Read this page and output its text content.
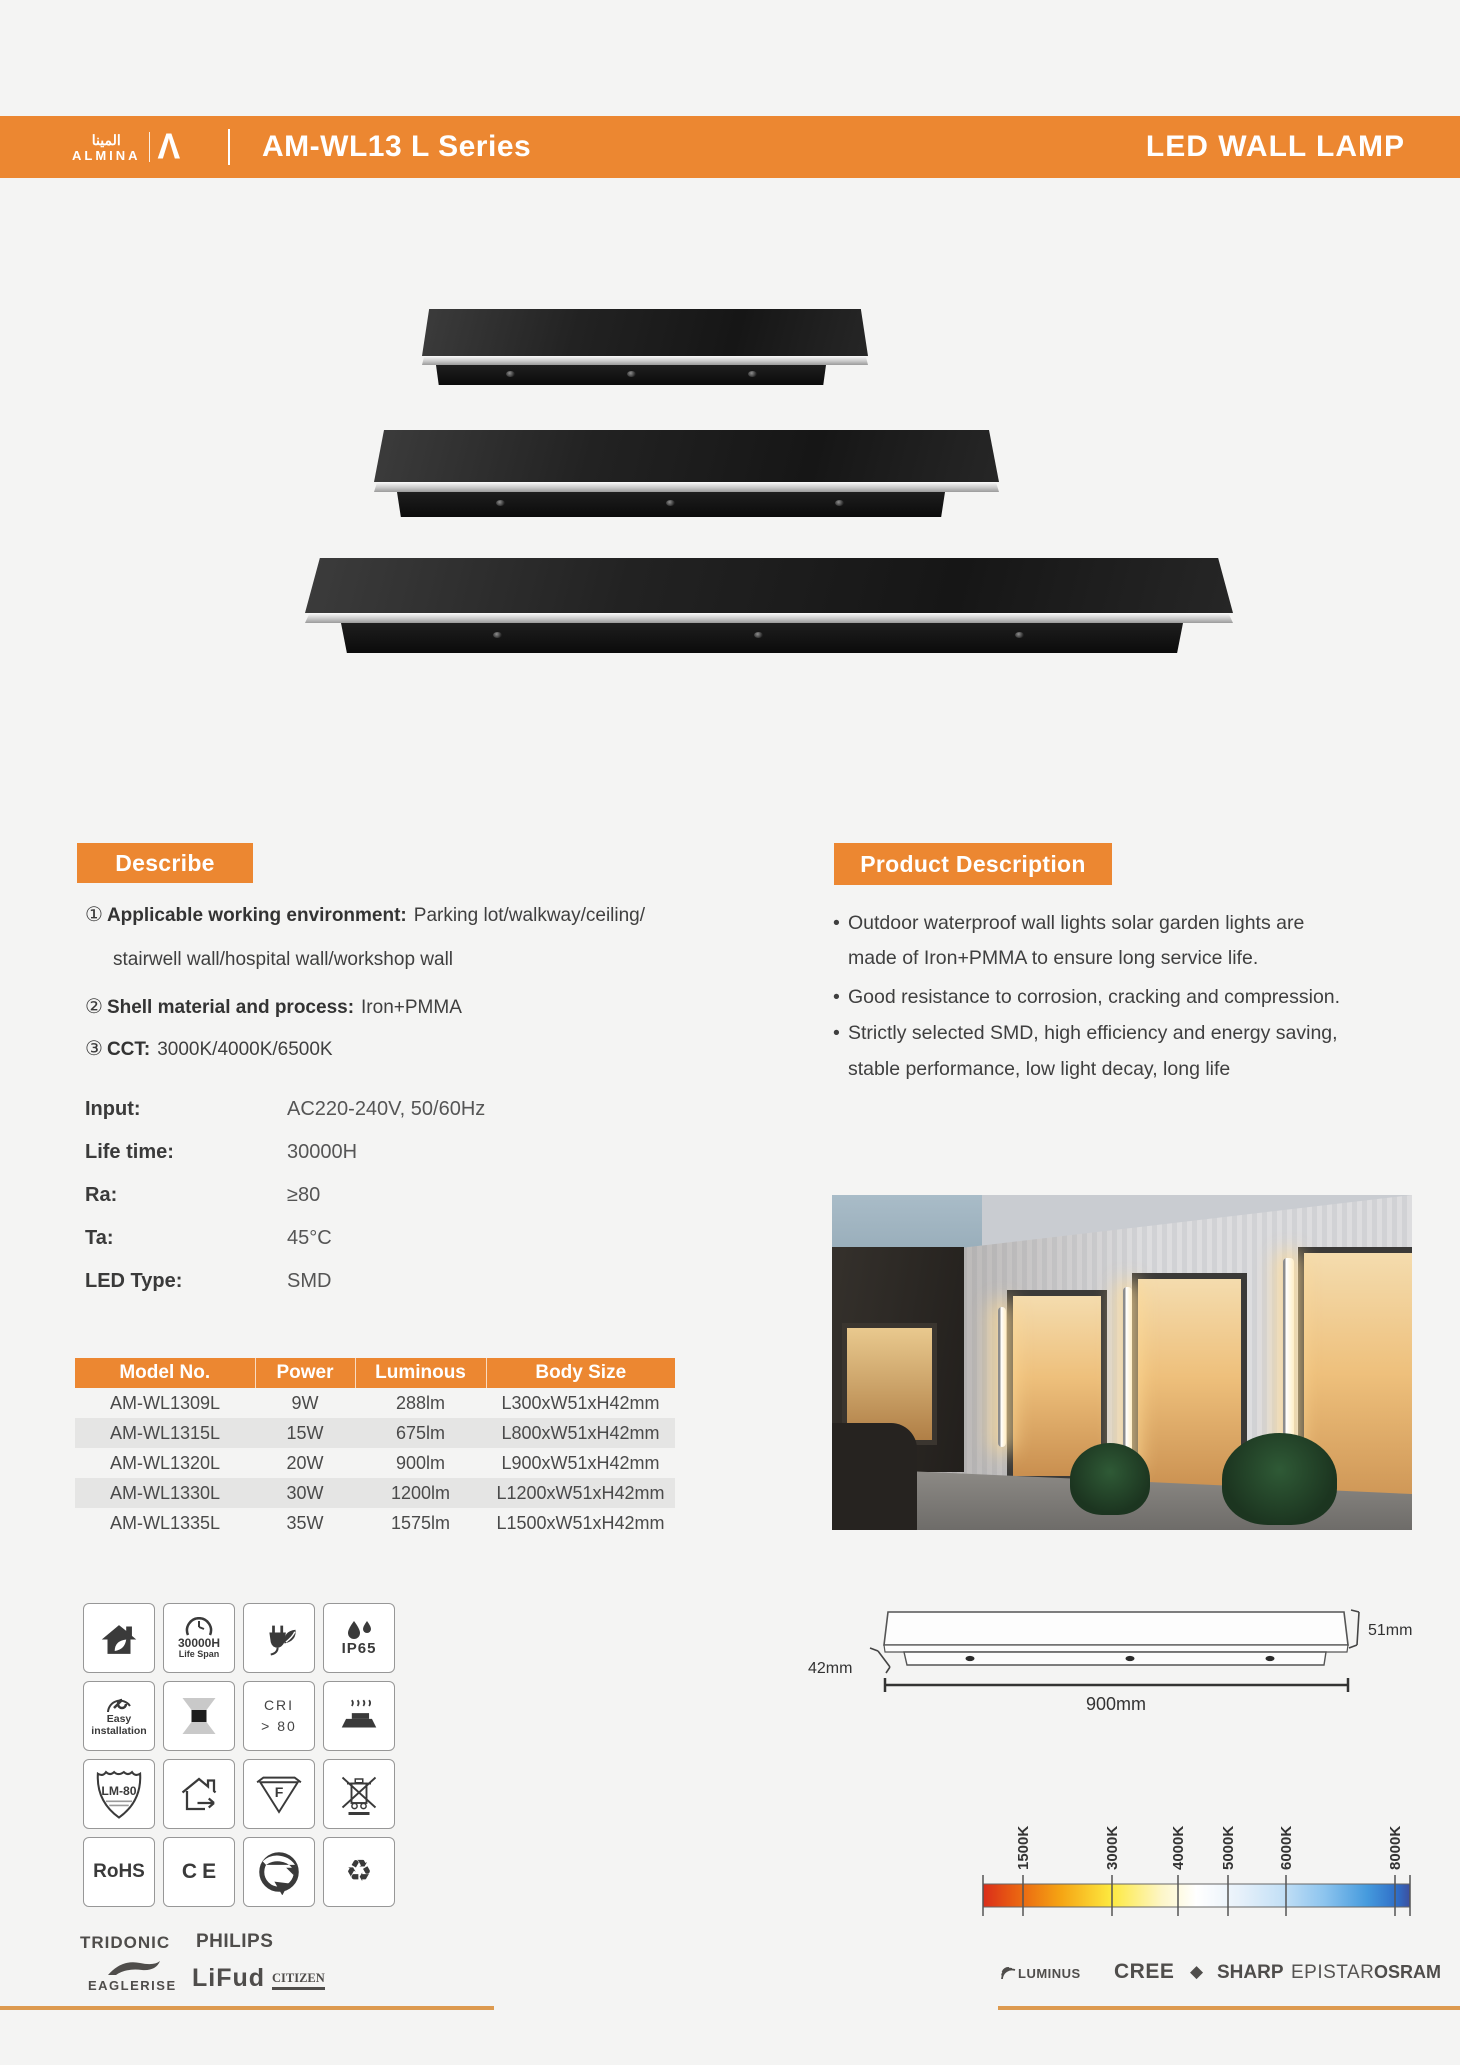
المينا
ALMINA Λ	AM-WL13 L Series	LED WALL LAMP
Describe
① Applicable working environment: Parking lot/walkway/ceiling/
stairwell wall/hospital wall/workshop wall
② Shell material and process: Iron+PMMA
③ CCT: 3000K/4000K/6500K
Input:	AC220-240V, 50/60Hz
Life time:	30000H
Ra:	≥80
Ta:	45°C
LED Type:	SMD
Product Description
• Outdoor waterproof wall lights solar garden lights are
made of Iron+PMMA to ensure long service life.
• Good resistance to corrosion, cracking and compression.
• Strictly selected SMD, high efficiency and energy saving,
stable performance, low light decay, long life
Model No.	Power	Luminous	Body Size
AM-WL1309L	9W	288lm	L300xW51xH42mm
AM-WL1315L	15W	675lm	L800xW51xH42mm
AM-WL1320L	20W	900lm	L900xW51xH42mm
AM-WL1330L	30W	1200lm	L1200xW51xH42mm
AM-WL1335L	35W	1575lm	L1500xW51xH42mm
30000H
Life Span	IP65
Easy
installation
CRI
> 80
LM-80	F
RoHS CE	♻
51mm
42mm
900mm
1500K	3000K	4000K 5000K	6000K	8000K
TRIDONIC PHILIPS
EAGLERISE LiFud CITIZEN	LUMINUS CREE ◆ SHARP EPISTAR OSRAM
